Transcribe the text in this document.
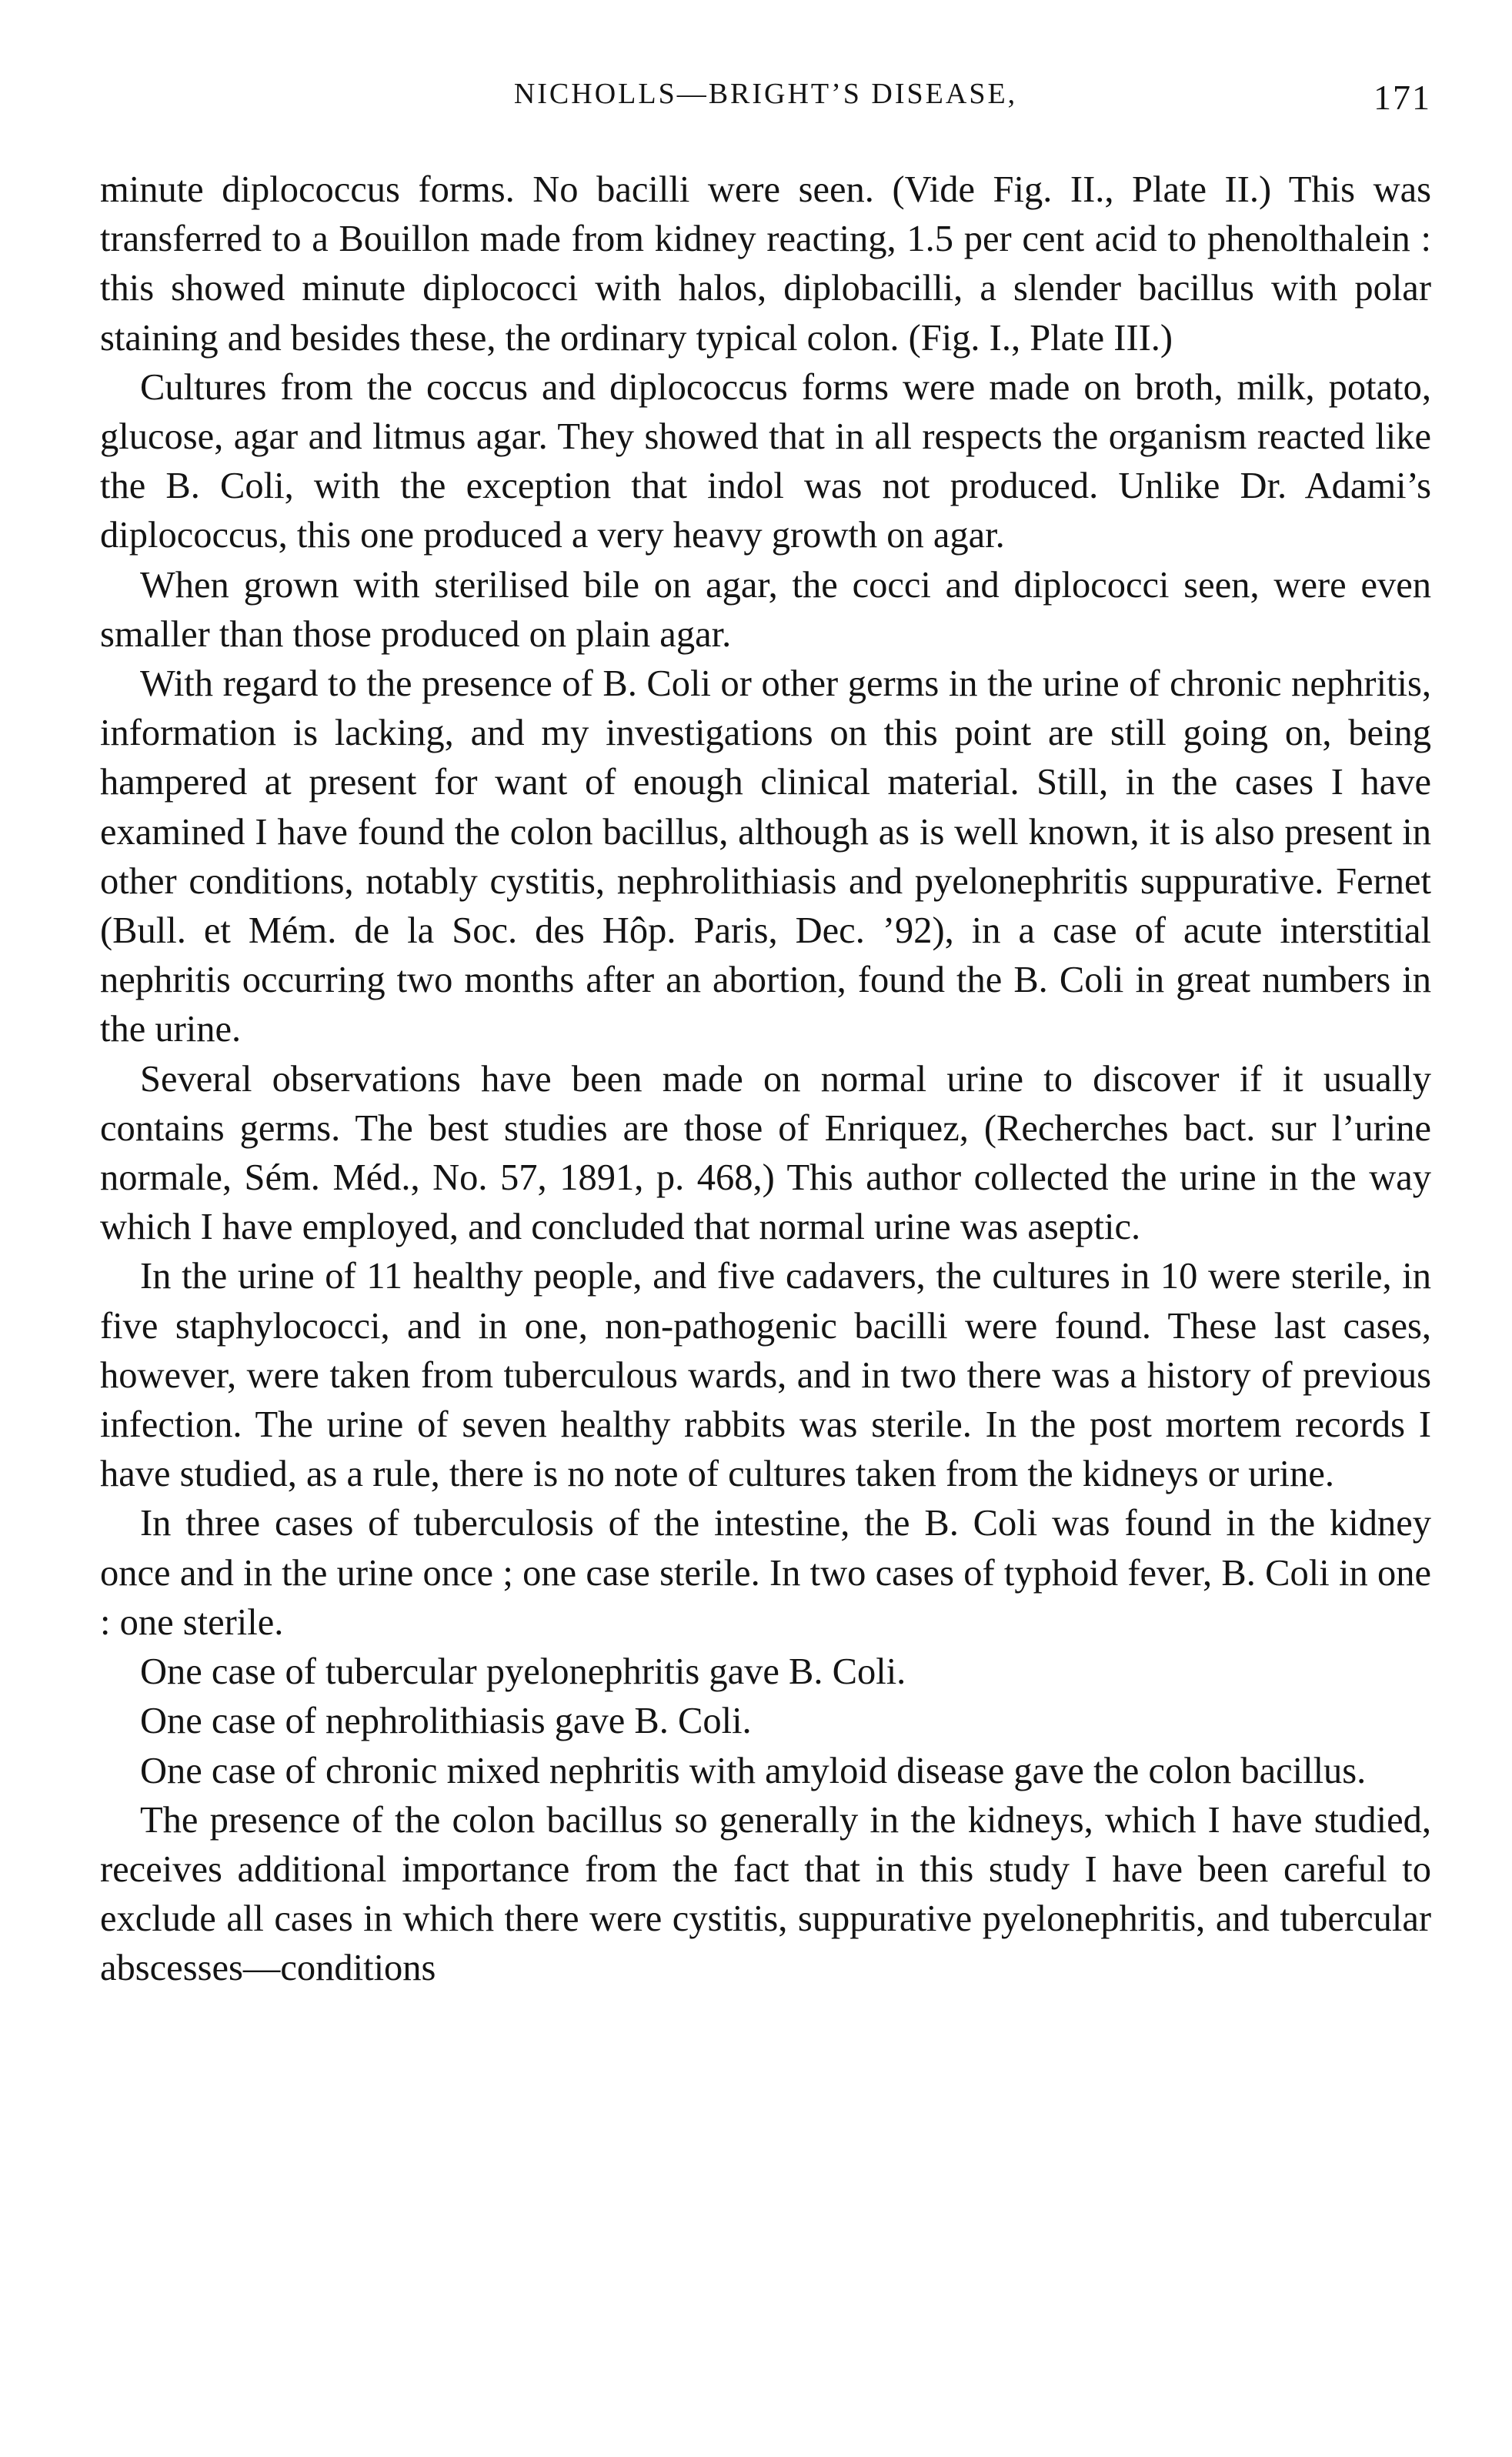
NICHOLLS—BRIGHT’S DISEASE,	171

minute diplococcus forms. No bacilli were seen. (Vide Fig. II., Plate II.) This was transferred to a Bouillon made from kidney reacting, 1.5 per cent acid to phenolthalein : this showed minute diplococci with halos, diplobacilli, a slender bacillus with polar staining and besides these, the ordinary typical colon. (Fig. I., Plate III.)

Cultures from the coccus and diplococcus forms were made on broth, milk, potato, glucose, agar and litmus agar. They showed that in all respects the organism reacted like the B. Coli, with the exception that indol was not produced. Unlike Dr. Adami’s diplococcus, this one produced a very heavy growth on agar.

When grown with sterilised bile on agar, the cocci and diplococci seen, were even smaller than those produced on plain agar.

With regard to the presence of B. Coli or other germs in the urine of chronic nephritis, information is lacking, and my investigations on this point are still going on, being hampered at present for want of enough clinical material. Still, in the cases I have examined I have found the colon bacillus, although as is well known, it is also present in other conditions, notably cystitis, nephrolithiasis and pyelonephritis suppurative. Fernet (Bull. et Mém. de la Soc. des Hôp. Paris, Dec. ’92), in a case of acute interstitial nephritis occurring two months after an abortion, found the B. Coli in great numbers in the urine.

Several observations have been made on normal urine to discover if it usually contains germs. The best studies are those of Enriquez, (Recherches bact. sur l’urine normale, Sém. Méd., No. 57, 1891, p. 468,) This author collected the urine in the way which I have employed, and concluded that normal urine was aseptic.

In the urine of 11 healthy people, and five cadavers, the cultures in 10 were sterile, in five staphylococci, and in one, non-pathogenic bacilli were found. These last cases, however, were taken from tuberculous wards, and in two there was a history of previous infection. The urine of seven healthy rabbits was sterile. In the post mortem records I have studied, as a rule, there is no note of cultures taken from the kidneys or urine.

In three cases of tuberculosis of the intestine, the B. Coli was found in the kidney once and in the urine once ; one case sterile. In two cases of typhoid fever, B. Coli in one : one sterile.

One case of tubercular pyelonephritis gave B. Coli.

One case of nephrolithiasis gave B. Coli.

One case of chronic mixed nephritis with amyloid disease gave the colon bacillus.

The presence of the colon bacillus so generally in the kidneys, which I have studied, receives additional importance from the fact that in this study I have been careful to exclude all cases in which there were cystitis, suppurative pyelonephritis, and tubercular abscesses—conditions
